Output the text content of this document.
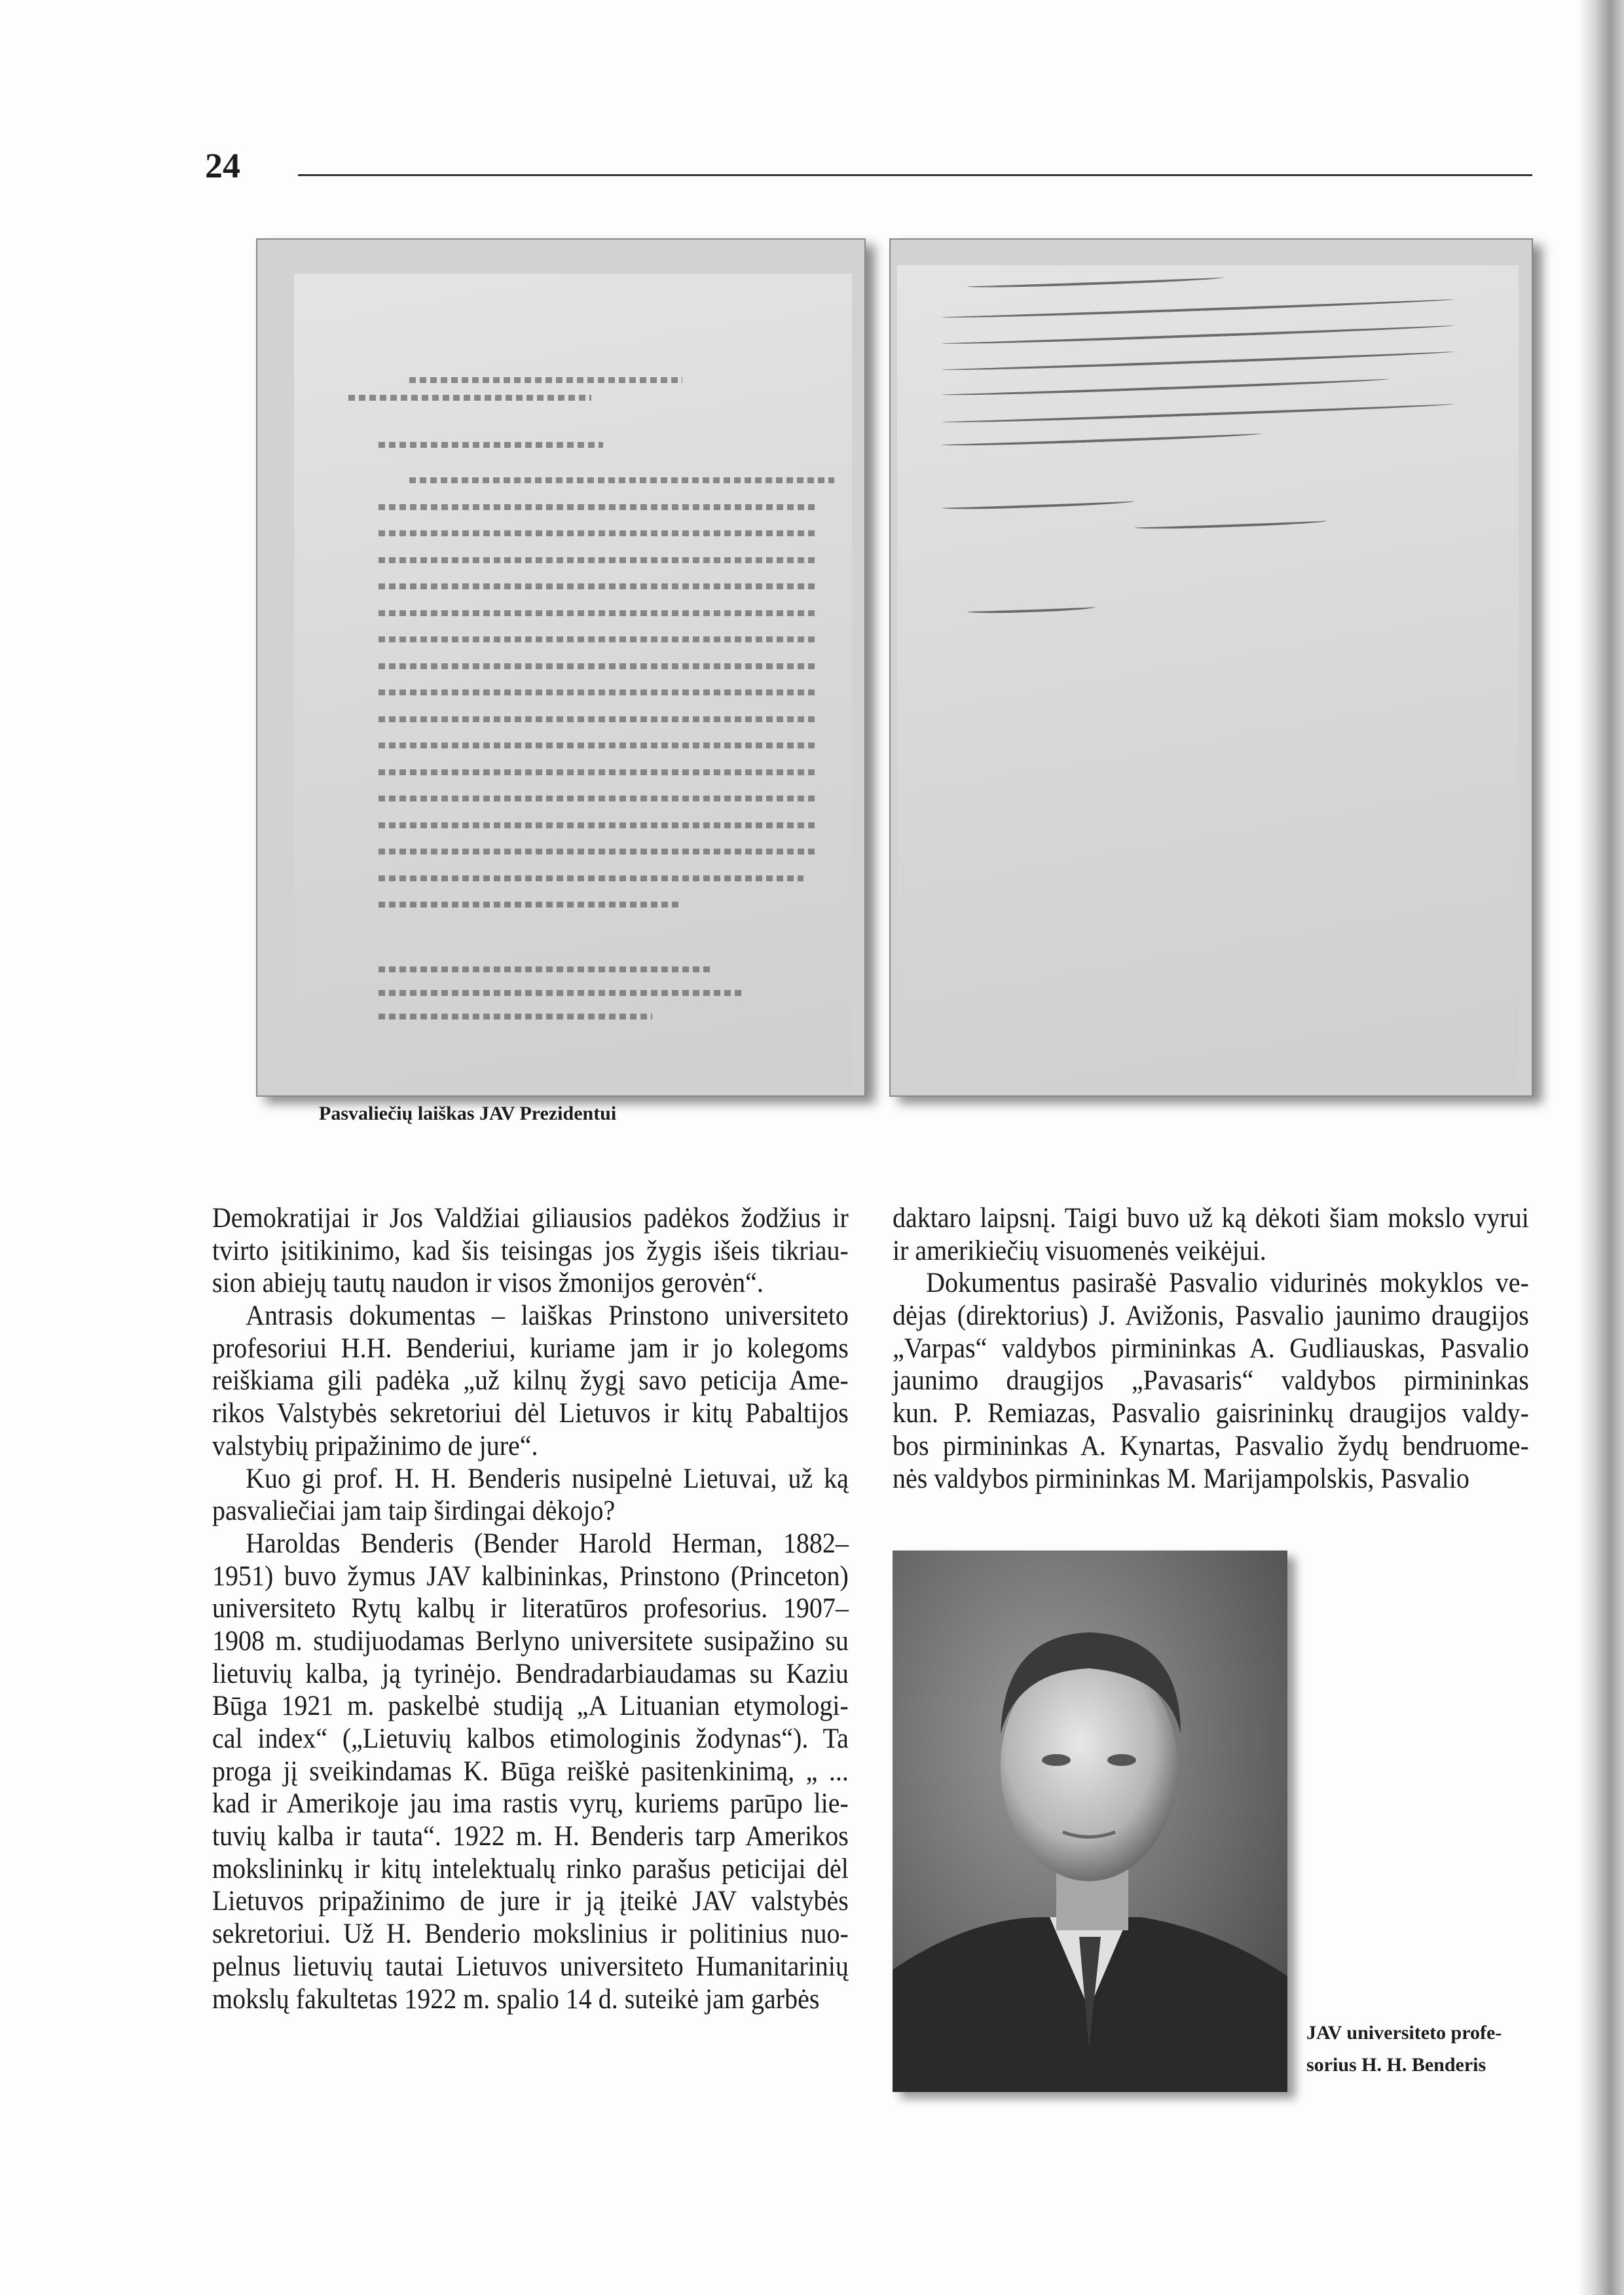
24
Pasvaliečių laiškas JAV Prezidentui
Demokratijai ir Jos Valdžiai giliausios padėkos žodžius ir
tvirto įsitikinimo, kad šis teisingas jos žygis išeis tikriau-
sion abiejų tautų naudon ir visos žmonijos gerovėn“.
Antrasis dokumentas – laiškas Prinstono universiteto
profesoriui H.H. Benderiui, kuriame jam ir jo kolegoms
reiškiama gili padėka „už kilnų žygį savo peticija Ame-
rikos Valstybės sekretoriui dėl Lietuvos ir kitų Pabaltijos
valstybių pripažinimo de jure“.
Kuo gi prof. H. H. Benderis nusipelnė Lietuvai, už ką
pasvaliečiai jam taip širdingai dėkojo?
Haroldas Benderis (Bender Harold Herman, 1882–
1951) buvo žymus JAV kalbininkas, Prinstono (Princeton)
universiteto Rytų kalbų ir literatūros profesorius. 1907–
1908 m. studijuodamas Berlyno universitete susipažino su
lietuvių kalba, ją tyrinėjo. Bendradarbiaudamas su Kaziu
Būga 1921 m. paskelbė studiją „A Lituanian etymologi-
cal index“ („Lietuvių kalbos etimologinis žodynas“). Ta
proga jį sveikindamas K. Būga reiškė pasitenkinimą, „ ...
kad ir Amerikoje jau ima rastis vyrų, kuriems parūpo lie-
tuvių kalba ir tauta“. 1922 m. H. Benderis tarp Amerikos
mokslininkų ir kitų intelektualų rinko parašus peticijai dėl
Lietuvos pripažinimo de jure ir ją įteikė JAV valstybės
sekretoriui. Už H. Benderio mokslinius ir politinius nuo-
pelnus lietuvių tautai Lietuvos universiteto Humanitarinių
mokslų fakultetas 1922 m. spalio 14 d. suteikė jam garbės
daktaro laipsnį. Taigi buvo už ką dėkoti šiam mokslo vyrui
ir amerikiečių visuomenės veikėjui.
Dokumentus pasirašė Pasvalio vidurinės mokyklos ve-
dėjas (direktorius) J. Avižonis, Pasvalio jaunimo draugijos
„Varpas“ valdybos pirmininkas A. Gudliauskas, Pasvalio
jaunimo draugijos „Pavasaris“ valdybos pirmininkas
kun. P. Remiazas, Pasvalio gaisrininkų draugijos valdy-
bos pirmininkas A. Kynartas, Pasvalio žydų bendruome-
nės valdybos pirmininkas M. Marijampolskis, Pasvalio
JAV universiteto profe-
sorius H. H. Benderis
